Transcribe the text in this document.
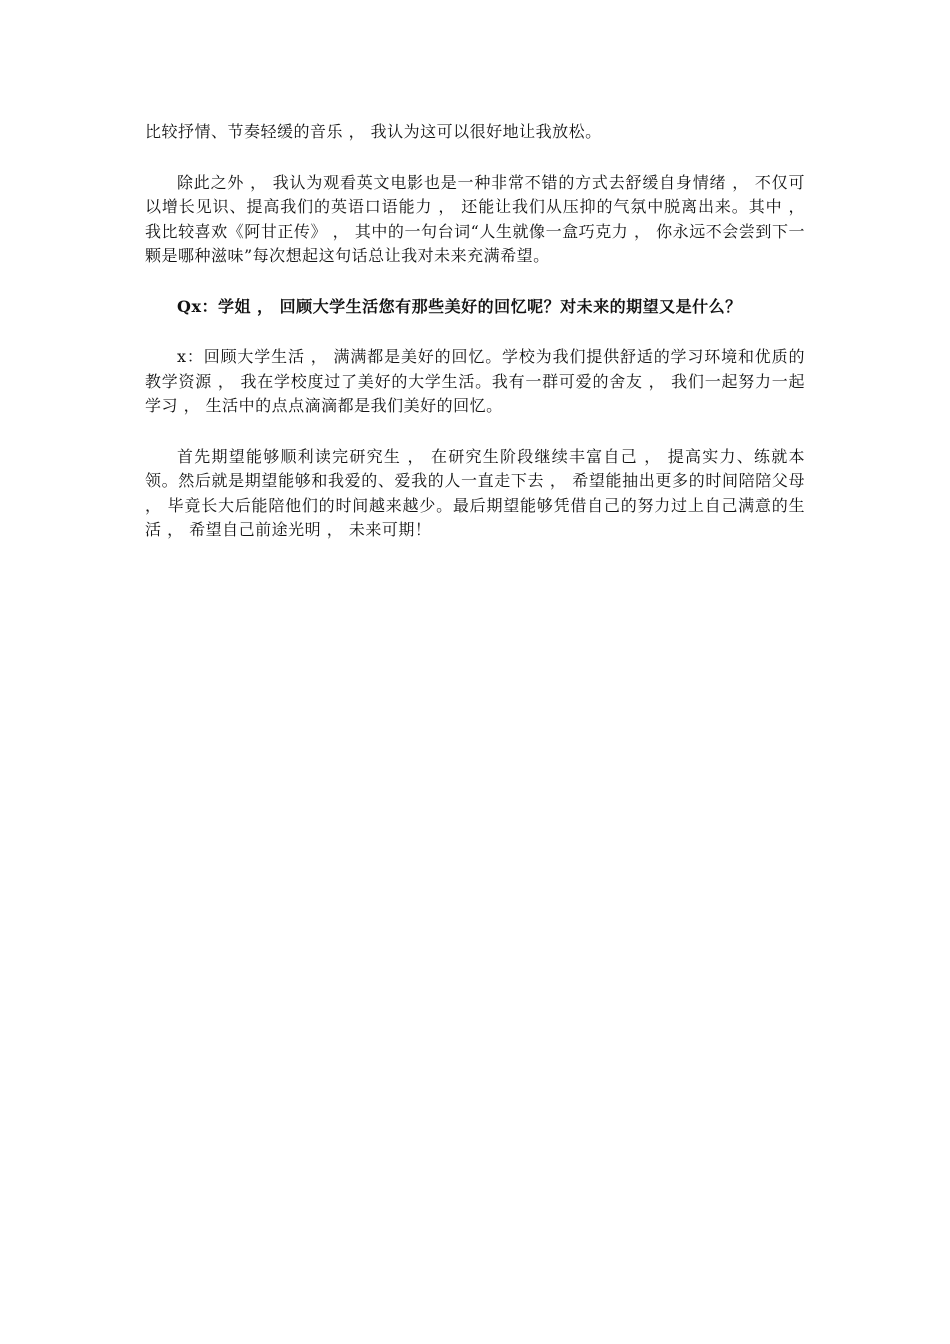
比较抒情、节奏轻缓的音乐 ， 我认为这可以很好地让我放松。

除此之外 ， 我认为观看英文电影也是一种非常不错的方式去舒缓自身情绪 ， 不仅可以增长见识、提高我们的英语口语能力 ， 还能让我们从压抑的气氛中脱离出来。其中 ， 我比较喜欢《阿甘正传》 ， 其中的一句台词“人生就像一盒巧克力 ， 你永远不会尝到下一颗是哪种滋味”每次想起这句话总让我对未来充满希望。

Qx：学姐 ， 回顾大学生活您有那些美好的回忆呢？对未来的期望又是什么？

x：回顾大学生活 ， 满满都是美好的回忆。学校为我们提供舒适的学习环境和优质的教学资源 ， 我在学校度过了美好的大学生活。我有一群可爱的舍友 ， 我们一起努力一起学习 ， 生活中的点点滴滴都是我们美好的回忆。

首先期望能够顺利读完研究生 ， 在研究生阶段继续丰富自己 ， 提高实力、练就本领。然后就是期望能够和我爱的、爱我的人一直走下去 ， 希望能抽出更多的时间陪陪父母 ， 毕竟长大后能陪他们的时间越来越少。最后期望能够凭借自己的努力过上自己满意的生活 ， 希望自己前途光明 ， 未来可期！
